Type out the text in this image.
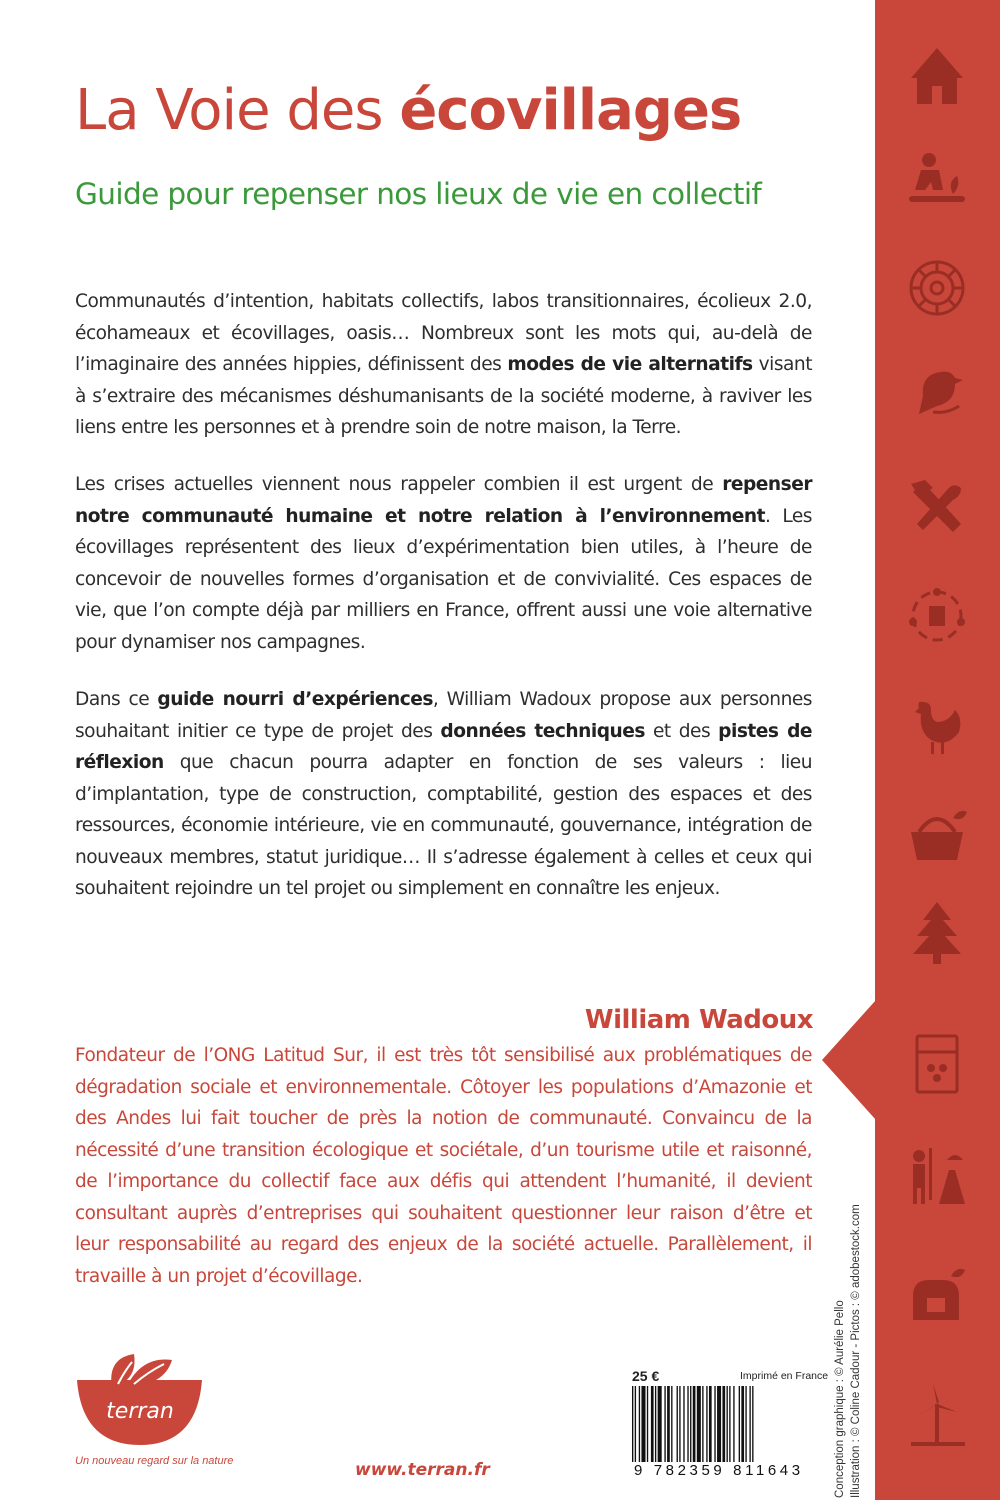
La Voie des écovillages
Guide pour repenser nos lieux de vie en collectif

Communautés d’intention, habitats collectifs, labos transitionnaires, écolieux 2.0, écohameaux et écovillages, oasis… Nombreux sont les mots qui, au-delà de l’imaginaire des années hippies, définissent des modes de vie alternatifs visant à s’extraire des mécanismes déshumanisants de la société moderne, à raviver les liens entre les personnes et à prendre soin de notre maison, la Terre.

Les crises actuelles viennent nous rappeler combien il est urgent de repenser notre communauté humaine et notre relation à l’environnement. Les écovillages représentent des lieux d’expérimentation bien utiles, à l’heure de concevoir de nouvelles formes d’organisation et de convivialité. Ces espaces de vie, que l’on compte déjà par milliers en France, offrent aussi une voie alternative pour dynamiser nos campagnes.

Dans ce guide nourri d’expériences, William Wadoux propose aux personnes souhaitant initier ce type de projet des données techniques et des pistes de réflexion que chacun pourra adapter en fonction de ses valeurs : lieu d’implantation, type de construction, comptabilité, gestion des espaces et des ressources, économie intérieure, vie en communauté, gouvernance, intégration de nouveaux membres, statut juridique… Il s’adresse également à celles et ceux qui souhaitent rejoindre un tel projet ou simplement en connaître les enjeux.

William Wadoux

Fondateur de l’ONG Latitud Sur, il est très tôt sensibilisé aux problématiques de dégradation sociale et environnementale. Côtoyer les populations d’Amazonie et des Andes lui fait toucher de près la notion de communauté. Convaincu de la nécessité d’une transition écologique et sociétale, d’un tourisme utile et raisonné, de l’importance du collectif face aux défis qui attendent l’humanité, il devient consultant auprès d’entreprises qui souhaitent questionner leur raison d’être et leur responsabilité au regard des enjeux de la société actuelle. Parallèlement, il travaille à un projet d’écovillage.

terran
Un nouveau regard sur la nature	www.terran.fr
25 €	Imprimé en France
9 782359 811643	Conception graphique : © Aurélie Pello Illustration : © Coline Cadour - Pictos : © adobestock.com
